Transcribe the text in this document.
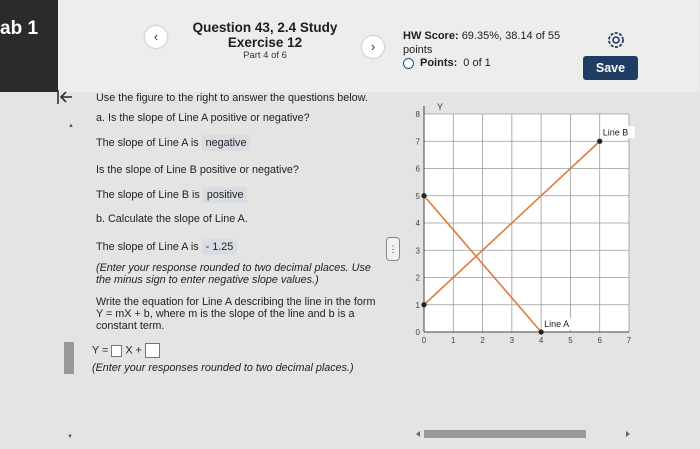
ab 1	‹
Question 43, 2.4 Study
Exercise 12
Part 4 of 6
›
HW Score: 69.35%, 38.14 of 55
points
Points: 0 of 1	Save
▲
▼
Use the figure to the right to answer the questions below.
a. Is the slope of Line A positive or negative?
The slope of Line A is negative
Is the slope of Line B positive or negative?
The slope of Line B is positive
b. Calculate the slope of Line A.
The slope of Line A is - 1.25
(Enter your response rounded to two decimal places. Use
the minus sign to enter negative slope values.)
Write the equation for Line A describing the line in the form
Y = mX + b, where m is the slope of the line and b is a
constant term.
Y = X +
(Enter your responses rounded to two decimal places.)
⋮
0
1
2
3
4
5
6
7
8
0	1	2	3	4	5	6	7
Y
Line A
Line B
